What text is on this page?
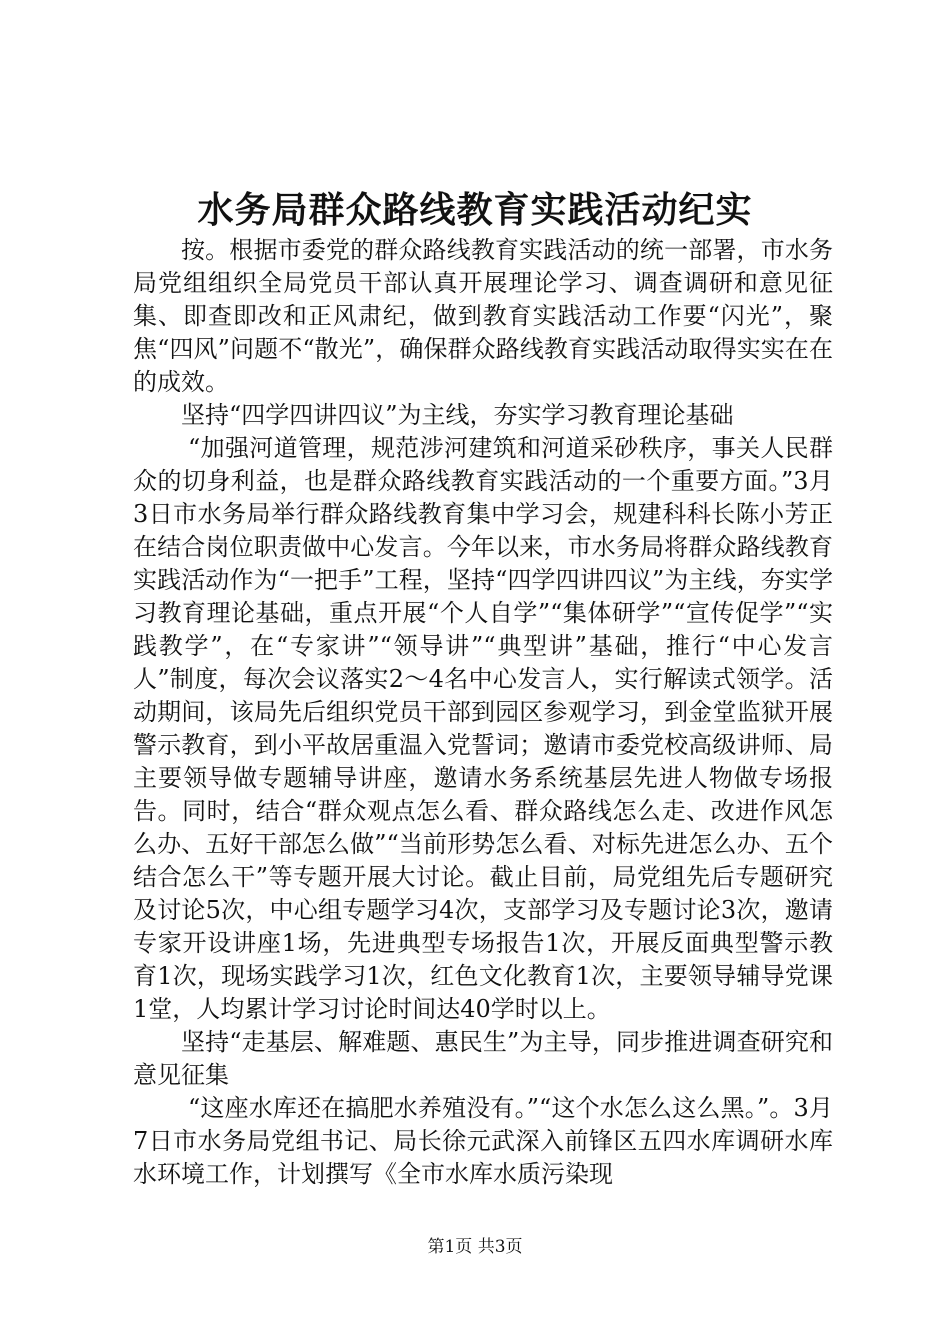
水务局群众路线教育实践活动纪实

按。根据市委党的群众路线教育实践活动的统一部署，市水务局党组组织全局党员干部认真开展理论学习、调查调研和意见征集、即查即改和正风肃纪，做到教育实践活动工作要“闪光”，聚焦“四风”问题不“散光”，确保群众路线教育实践活动取得实实在在的成效。

坚持“四学四讲四议”为主线，夯实学习教育理论基础

“加强河道管理，规范涉河建筑和河道采砂秩序，事关人民群众的切身利益，也是群众路线教育实践活动的一个重要方面。”3月3日市水务局举行群众路线教育集中学习会，规建科科长陈小芳正在结合岗位职责做中心发言。今年以来，市水务局将群众路线教育实践活动作为“一把手”工程，坚持“四学四讲四议”为主线，夯实学习教育理论基础，重点开展“个人自学”“集体研学”“宣传促学”“实践教学”，在“专家讲”“领导讲”“典型讲”基础，推行“中心发言人”制度，每次会议落实2～4名中心发言人，实行解读式领学。活动期间，该局先后组织党员干部到园区参观学习，到金堂监狱开展警示教育，到小平故居重温入党誓词；邀请市委党校高级讲师、局主要领导做专题辅导讲座，邀请水务系统基层先进人物做专场报告。同时，结合“群众观点怎么看、群众路线怎么走、改进作风怎么办、五好干部怎么做”“当前形势怎么看、对标先进怎么办、五个结合怎么干”等专题开展大讨论。截止目前，局党组先后专题研究及讨论5次，中心组专题学习4次，支部学习及专题讨论3次，邀请专家开设讲座1场，先进典型专场报告1次，开展反面典型警示教育1次，现场实践学习1次，红色文化教育1次，主要领导辅导党课1堂，人均累计学习讨论时间达40学时以上。

坚持“走基层、解难题、惠民生”为主导，同步推进调查研究和意见征集

“这座水库还在搞肥水养殖没有。”“这个水怎么这么黑。”。3月7日市水务局党组书记、局长徐元武深入前锋区五四水库调研水库水环境工作，计划撰写《全市水库水质污染现

第1页 共3页
